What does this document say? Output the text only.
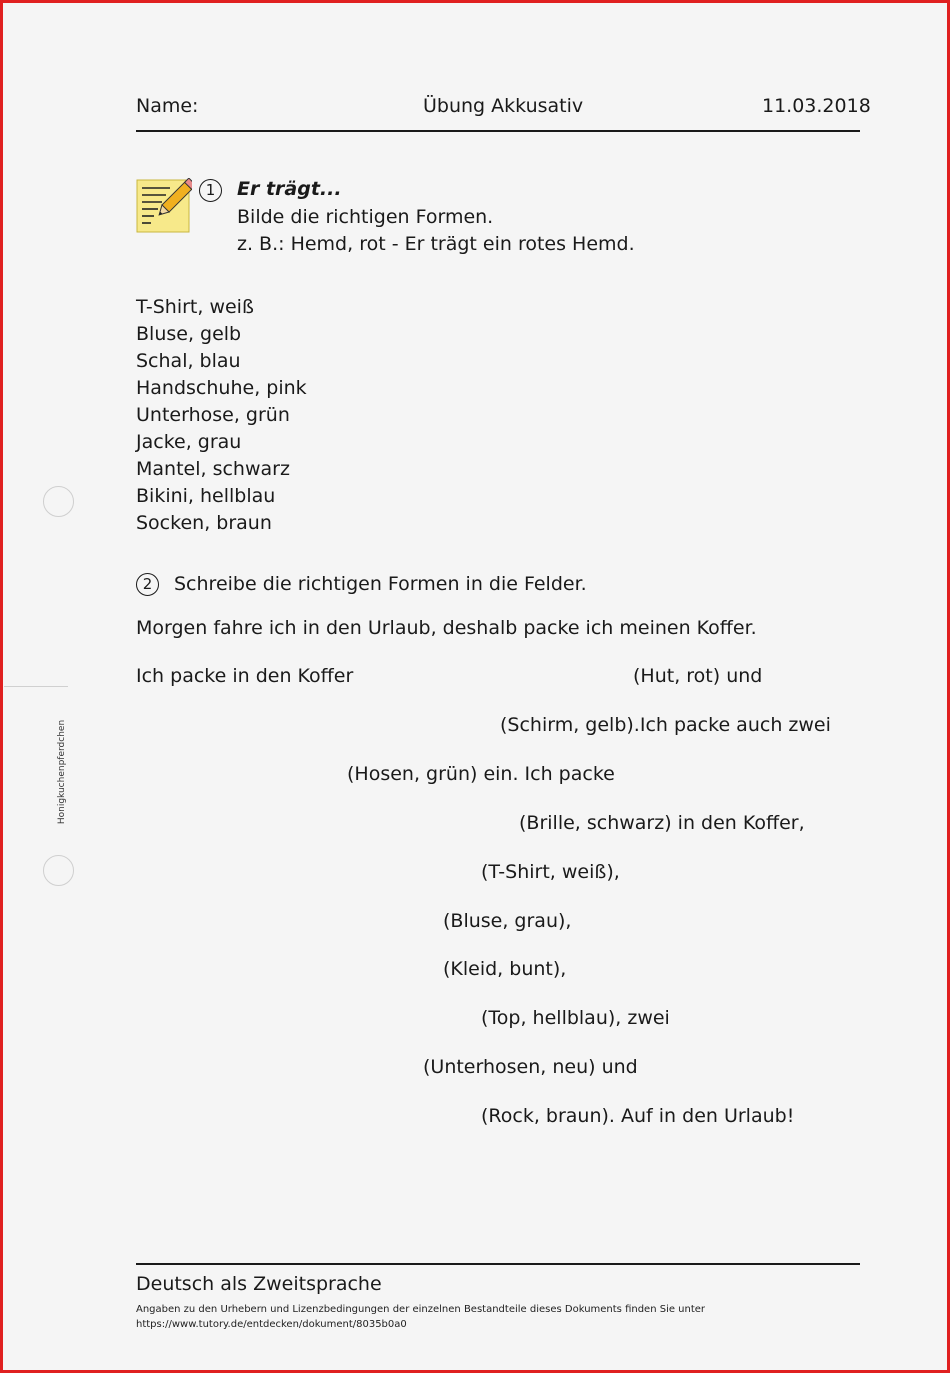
Name:	Übung Akkusativ	11.03.2018
Honigkuchenpferdchen
1	Er trägt...
Bilde die richtigen Formen.
z. B.: Hemd, rot - Er trägt ein rotes Hemd.
T-Shirt, weiß
Bluse, gelb
Schal, blau
Handschuhe, pink
Unterhose, grün
Jacke, grau
Mantel, schwarz
Bikini, hellblau
Socken, braun
2	Schreibe die richtigen Formen in die Felder.
Morgen fahre ich in den Urlaub, deshalb packe ich meinen Koffer.
Ich packe in den Koffer	(Hut, rot) und
(Schirm, gelb).Ich packe auch zwei
(Hosen, grün) ein. Ich packe
(Brille, schwarz) in den Koffer,
(T-Shirt, weiß),
(Bluse, grau),
(Kleid, bunt),
(Top, hellblau), zwei
(Unterhosen, neu) und
(Rock, braun). Auf in den Urlaub!
Deutsch als Zweitsprache
Angaben zu den Urhebern und Lizenzbedingungen der einzelnen Bestandteile dieses Dokuments finden Sie unter
https://www.tutory.de/entdecken/dokument/8035b0a0
